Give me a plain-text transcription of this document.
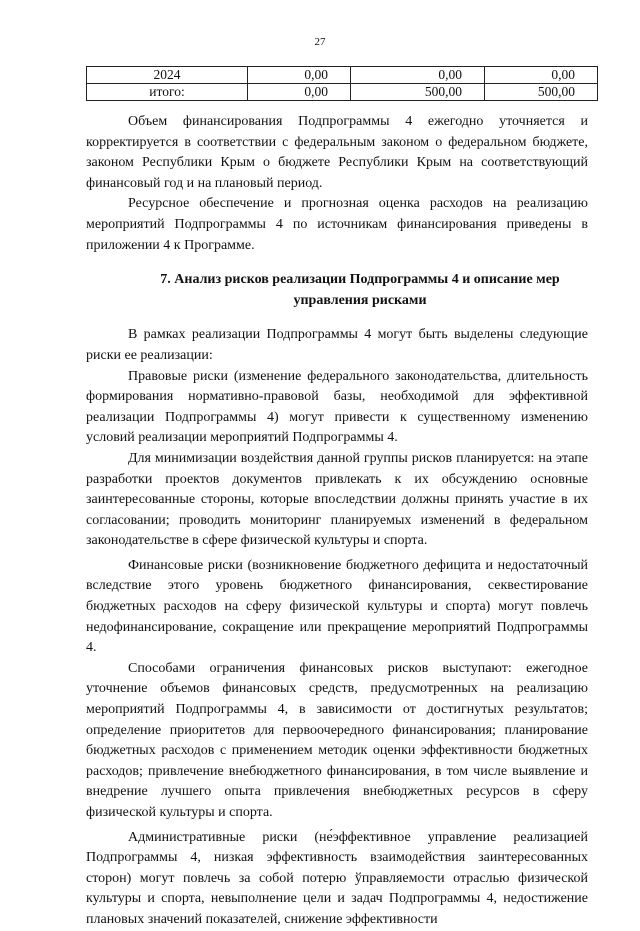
27
2024	0,00	0,00	0,00
итого:	0,00	500,00	500,00

Объем финансирования Подпрограммы 4 ежегодно уточняется и корректируется в соответствии с федеральным законом о федеральном бюджете, законом Республики Крым о бюджете Республики Крым на соответствующий финансовый год и на плановый период.

Ресурсное обеспечение и прогнозная оценка расходов на реализацию мероприятий Подпрограммы 4 по источникам финансирования приведены в приложении 4 к Программе.

7. Анализ рисков реализации Подпрограммы 4 и описание мер управления рисками

В рамках реализации Подпрограммы 4 могут быть выделены следующие риски ее реализации:

Правовые риски (изменение федерального законодательства, длительность формирования нормативно-правовой базы, необходимой для эффективной реализации Подпрограммы 4) могут привести к существенному изменению условий реализации мероприятий Подпрограммы 4.

Для минимизации воздействия данной группы рисков планируется: на этапе разработки проектов документов привлекать к их обсуждению основные заинтересованные стороны, которые впоследствии должны принять участие в их согласовании; проводить мониторинг планируемых изменений в федеральном законодательстве в сфере физической культуры и спорта.

Финансовые риски (возникновение бюджетного дефицита и недостаточный вследствие этого уровень бюджетного финансирования, секвестирование бюджетных расходов на сферу физической культуры и спорта) могут повлечь недофинансирование, сокращение или прекращение мероприятий Подпрограммы 4.

Способами ограничения финансовых рисков выступают: ежегодное уточнение объемов финансовых средств, предусмотренных на реализацию мероприятий Подпрограммы 4, в зависимости от достигнутых результатов; определение приоритетов для первоочередного финансирования; планирование бюджетных расходов с применением методик оценки эффективности бюджетных расходов; привлечение внебюджетного финансирования, в том числе выявление и внедрение лучшего опыта привлечения внебюджетных ресурсов в сферу физической культуры и спорта.

Административные риски (не́эффективное управление реализацией Подпрограммы 4, низкая эффективность взаимодействия заинтересованных сторон) могут повлечь за собой потерю ўправляемости отраслью физической культуры и спорта, невыполнение цели и задач Подпрограммы 4, недостижение плановых значений показателей, снижение эффективности
